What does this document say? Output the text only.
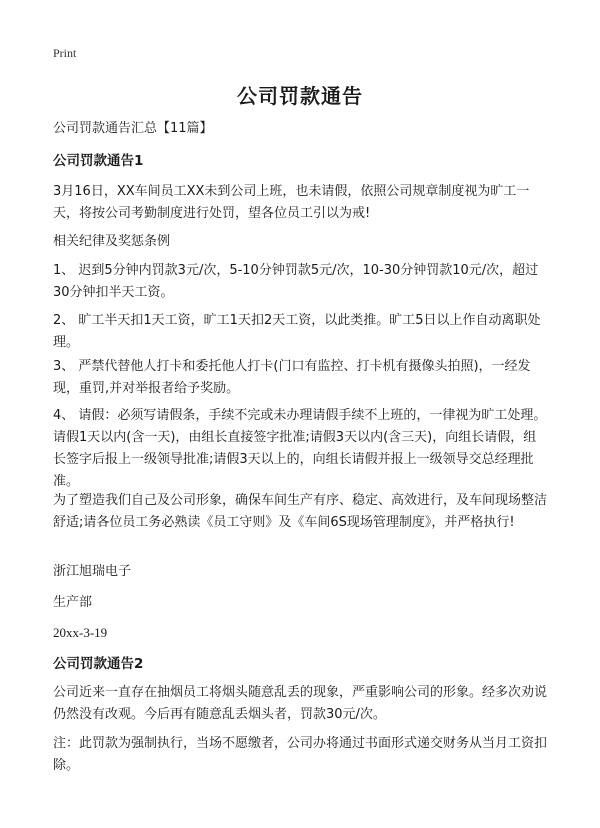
Print
公司罚款通告

公司罚款通告汇总【11篇】

公司罚款通告1

3月16日，XX车间员工XX未到公司上班，也未请假，依照公司规章制度视为旷工一天，将按公司考勤制度进行处罚，望各位员工引以为戒!

相关纪律及奖惩条例

1、 迟到5分钟内罚款3元/次，5-10分钟罚款5元/次，10-30分钟罚款10元/次，超过30分钟扣半天工资。

2、 旷工半天扣1天工资，旷工1天扣2天工资，以此类推。旷工5日以上作自动离职处理。

3、 严禁代替他人打卡和委托他人打卡(门口有监控、打卡机有摄像头拍照)，一经发现，重罚,并对举报者给予奖励。

4、 请假：必须写请假条，手续不完或未办理请假手续不上班的，一律视为旷工处理。请假1天以内(含一天)，由组长直接签字批准;请假3天以内(含三天)，向组长请假，组长签字后报上一级领导批准;请假3天以上的，向组长请假并报上一级领导交总经理批准。

为了塑造我们自己及公司形象，确保车间生产有序、稳定、高效进行，及车间现场整洁舒适;请各位员工务必熟读《员工守则》及《车间6S现场管理制度》，并严格执行!

浙江旭瑞电子

生产部

20xx-3-19

公司罚款通告2

公司近来一直存在抽烟员工将烟头随意乱丢的现象，严重影响公司的形象。经多次劝说仍然没有改观。今后再有随意乱丢烟头者，罚款30元/次。

注：此罚款为强制执行，当场不愿缴者，公司办将通过书面形式递交财务从当月工资扣除。
